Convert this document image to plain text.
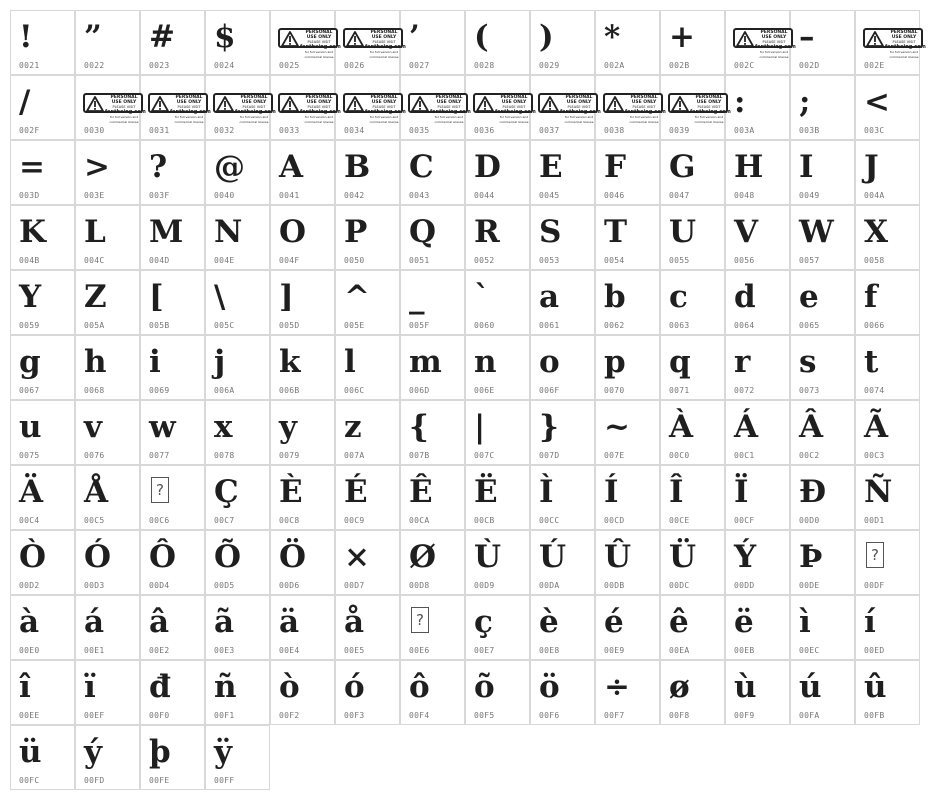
!
0021
”
0022
#
0023
$
0024
PERSONAL USE ONLY
PLEASE VISIT
fontbeing.com
for full version and commercial license
0025
PERSONAL USE ONLY
PLEASE VISIT
fontbeing.com
for full version and commercial license
0026
’
0027
(
0028
)
0029
*
002A
+
002B
PERSONAL USE ONLY
PLEASE VISIT
fontbeing.com
for full version and commercial license
002C
–
002D
PERSONAL USE ONLY
PLEASE VISIT
fontbeing.com
for full version and commercial license
002E
/
002F
PERSONAL USE ONLY
PLEASE VISIT
fontbeing.com
for full version and commercial license
0030
PERSONAL USE ONLY
PLEASE VISIT
fontbeing.com
for full version and commercial license
0031
PERSONAL USE ONLY
PLEASE VISIT
fontbeing.com
for full version and commercial license
0032
PERSONAL USE ONLY
PLEASE VISIT
fontbeing.com
for full version and commercial license
0033
PERSONAL USE ONLY
PLEASE VISIT
fontbeing.com
for full version and commercial license
0034
PERSONAL USE ONLY
PLEASE VISIT
fontbeing.com
for full version and commercial license
0035
PERSONAL USE ONLY
PLEASE VISIT
fontbeing.com
for full version and commercial license
0036
PERSONAL USE ONLY
PLEASE VISIT
fontbeing.com
for full version and commercial license
0037
PERSONAL USE ONLY
PLEASE VISIT
fontbeing.com
for full version and commercial license
0038
PERSONAL USE ONLY
PLEASE VISIT
fontbeing.com
for full version and commercial license
0039
:
003A
;
003B
<
003C
=
003D
>
003E
?
003F
@
0040
A
0041
B
0042
C
0043
D
0044
E
0045
F
0046
G
0047
H
0048
I
0049
J
004A
K
004B
L
004C
M
004D
N
004E
O
004F
P
0050
Q
0051
R
0052
S
0053
T
0054
U
0055
V
0056
W
0057
X
0058
Y
0059
Z
005A
[
005B
\
005C
]
005D
^
005E
_
005F
`
0060
a
0061
b
0062
c
0063
d
0064
e
0065
f
0066
g
0067
h
0068
i
0069
j
006A
k
006B
l
006C
m
006D
n
006E
o
006F
p
0070
q
0071
r
0072
s
0073
t
0074
u
0075
v
0076
w
0077
x
0078
y
0079
z
007A
{
007B
|
007C
}
007D
~
007E
À
00C0
Á
00C1
Â
00C2
Ã
00C3
Ä
00C4
Å
00C5
?
00C6
Ç
00C7
È
00C8
É
00C9
Ê
00CA
Ë
00CB
Ì
00CC
Í
00CD
Î
00CE
Ï
00CF
Đ
00D0
Ñ
00D1
Ò
00D2
Ó
00D3
Ô
00D4
Õ
00D5
Ö
00D6
×
00D7
Ø
00D8
Ù
00D9
Ú
00DA
Û
00DB
Ü
00DC
Ý
00DD
Þ
00DE
?
00DF
à
00E0
á
00E1
â
00E2
ã
00E3
ä
00E4
å
00E5
?
00E6
ç
00E7
è
00E8
é
00E9
ê
00EA
ë
00EB
ì
00EC
í
00ED
î
00EE
ï
00EF
đ
00F0
ñ
00F1
ò
00F2
ó
00F3
ô
00F4
õ
00F5
ö
00F6
÷
00F7
ø
00F8
ù
00F9
ú
00FA
û
00FB
ü
00FC
ý
00FD
þ
00FE
ÿ
00FF
